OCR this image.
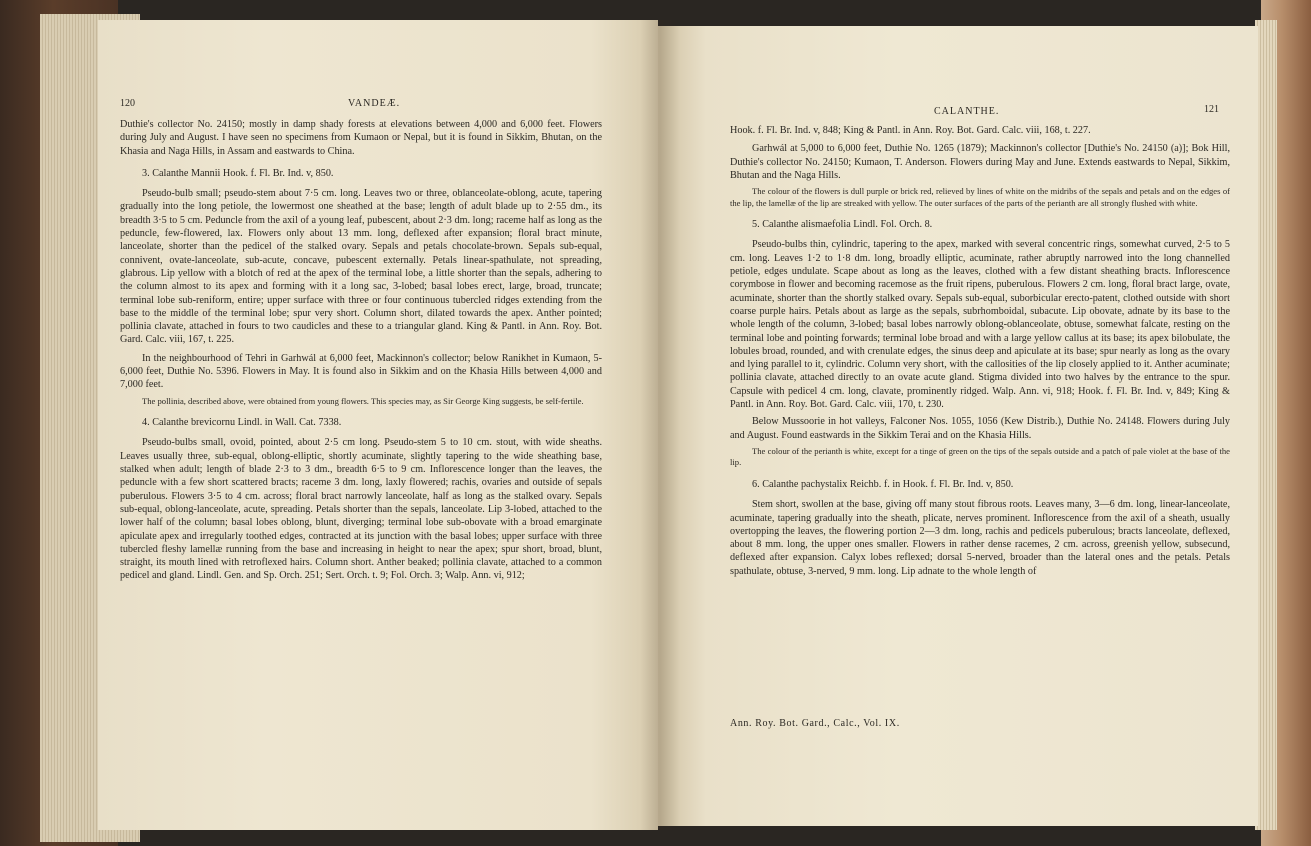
120	VANDEÆ.

Duthie's collector No. 24150; mostly in damp shady forests at elevations between 4,000 and 6,000 feet. Flowers during July and August. I have seen no specimens from Kumaon or Nepal, but it is found in Sikkim, Bhutan, on the Khasia and Naga Hills, in Assam and eastwards to China.

3. Calanthe Mannii Hook. f. Fl. Br. Ind. v, 850.

Pseudo-bulb small; pseudo-stem about 7·5 cm. long. Leaves two or three, oblanceolate-oblong, acute, tapering gradually into the long petiole, the lowermost one sheathed at the base; length of adult blade up to 2·55 dm., its breadth 3·5 to 5 cm. Peduncle from the axil of a young leaf, pubescent, about 2·3 dm. long; raceme half as long as the peduncle, few-flowered, lax. Flowers only about 13 mm. long, deflexed after expansion; floral bract minute, lanceolate, shorter than the pedicel of the stalked ovary. Sepals and petals chocolate-brown. Sepals sub-equal, connivent, ovate-lanceolate, sub-acute, concave, pubescent externally. Petals linear-spathulate, not spreading, glabrous. Lip yellow with a blotch of red at the apex of the terminal lobe, a little shorter than the sepals, adhering to the column almost to its apex and forming with it a long sac, 3-lobed; basal lobes erect, large, broad, truncate; terminal lobe sub-reniform, entire; upper surface with three or four continuous tubercled ridges extending from the base to the middle of the terminal lobe; spur very short. Column short, dilated towards the apex. Anther pointed; pollinia clavate, attached in fours to two caudicles and these to a triangular gland. King & Pantl. in Ann. Roy. Bot. Gard. Calc. viii, 167, t. 225.

In the neighbourhood of Tehri in Garhwál at 6,000 feet, Mackinnon's collector; below Ranikhet in Kumaon, 5-6,000 feet, Duthie No. 5396. Flowers in May. It is found also in Sikkim and on the Khasia Hills between 4,000 and 7,000 feet.

The pollinia, described above, were obtained from young flowers. This species may, as Sir George King suggests, be self-fertile.

4. Calanthe brevicornu Lindl. in Wall. Cat. 7338.

Pseudo-bulbs small, ovoid, pointed, about 2·5 cm long. Pseudo-stem 5 to 10 cm. stout, with wide sheaths. Leaves usually three, sub-equal, oblong-elliptic, shortly acuminate, slightly tapering to the wide sheathing base, stalked when adult; length of blade 2·3 to 3 dm., breadth 6·5 to 9 cm. Inflorescence longer than the leaves, the peduncle with a few short scattered bracts; raceme 3 dm. long, laxly flowered; rachis, ovaries and outside of sepals puberulous. Flowers 3·5 to 4 cm. across; floral bract narrowly lanceolate, half as long as the stalked ovary. Sepals sub-equal, oblong-lanceolate, acute, spreading. Petals shorter than the sepals, lanceolate. Lip 3-lobed, attached to the lower half of the column; basal lobes oblong, blunt, diverging; terminal lobe sub-obovate with a broad emarginate apiculate apex and irregularly toothed edges, contracted at its junction with the basal lobes; upper surface with three tubercled fleshy lamellæ running from the base and increasing in height to near the apex; spur short, broad, blunt, straight, its mouth lined with retroflexed hairs. Column short. Anther beaked; pollinia clavate, attached to a common pedicel and gland. Lindl. Gen. and Sp. Orch. 251; Sert. Orch. t. 9; Fol. Orch. 3; Walp. Ann. vi, 912;

CALANTHE.	121

Hook. f. Fl. Br. Ind. v, 848; King & Pantl. in Ann. Roy. Bot. Gard. Calc. viii, 168, t. 227.

Garhwál at 5,000 to 6,000 feet, Duthie No. 1265 (1879); Mackinnon's collector [Duthie's No. 24150 (a)]; Bok Hill, Duthie's collector No. 24150; Kumaon, T. Anderson. Flowers during May and June. Extends eastwards to Nepal, Sikkim, Bhutan and the Naga Hills.

The colour of the flowers is dull purple or brick red, relieved by lines of white on the midribs of the sepals and petals and on the edges of the lip, the lamellæ of the lip are streaked with yellow. The outer surfaces of the parts of the perianth are all strongly flushed with white.

5. Calanthe alismaefolia Lindl. Fol. Orch. 8.

Pseudo-bulbs thin, cylindric, tapering to the apex, marked with several concentric rings, somewhat curved, 2·5 to 5 cm. long. Leaves 1·2 to 1·8 dm. long, broadly elliptic, acuminate, rather abruptly narrowed into the long channelled petiole, edges undulate. Scape about as long as the leaves, clothed with a few distant sheathing bracts. Inflorescence corymbose in flower and becoming racemose as the fruit ripens, puberulous. Flowers 2 cm. long, floral bract large, ovate, acuminate, shorter than the shortly stalked ovary. Sepals sub-equal, suborbicular erecto-patent, clothed outside with short coarse purple hairs. Petals about as large as the sepals, subrhomboidal, subacute. Lip obovate, adnate by its base to the whole length of the column, 3-lobed; basal lobes narrowly oblong-oblanceolate, obtuse, somewhat falcate, resting on the terminal lobe and pointing forwards; terminal lobe broad and with a large yellow callus at its base; its apex bilobulate, the lobules broad, rounded, and with crenulate edges, the sinus deep and apiculate at its base; spur nearly as long as the ovary and lying parallel to it, cylindric. Column very short, with the callosities of the lip closely applied to it. Anther acuminate; pollinia clavate, attached directly to an ovate acute gland. Stigma divided into two halves by the entrance to the spur. Capsule with pedicel 4 cm. long, clavate, prominently ridged. Walp. Ann. vi, 918; Hook. f. Fl. Br. Ind. v, 849; King & Pantl. in Ann. Roy. Bot. Gard. Calc. viii, 170, t. 230.

Below Mussoorie in hot valleys, Falconer Nos. 1055, 1056 (Kew Distrib.), Duthie No. 24148. Flowers during July and August. Found eastwards in the Sikkim Terai and on the Khasia Hills.

The colour of the perianth is white, except for a tinge of green on the tips of the sepals outside and a patch of pale violet at the base of the lip.

6. Calanthe pachystalix Reichb. f. in Hook. f. Fl. Br. Ind. v, 850.

Stem short, swollen at the base, giving off many stout fibrous roots. Leaves many, 3—6 dm. long, linear-lanceolate, acuminate, tapering gradually into the sheath, plicate, nerves prominent. Inflorescence from the axil of a sheath, usually overtopping the leaves, the flowering portion 2—3 dm. long, rachis and pedicels puberulous; bracts lanceolate, deflexed, about 8 mm. long, the upper ones smaller. Flowers in rather dense racemes, 2 cm. across, greenish yellow, subsecund, deflexed after expansion. Calyx lobes reflexed; dorsal 5-nerved, broader than the lateral ones and the petals. Petals spathulate, obtuse, 3-nerved, 9 mm. long. Lip adnate to the whole length of

Ann. Roy. Bot. Gard., Calc., Vol. IX.
